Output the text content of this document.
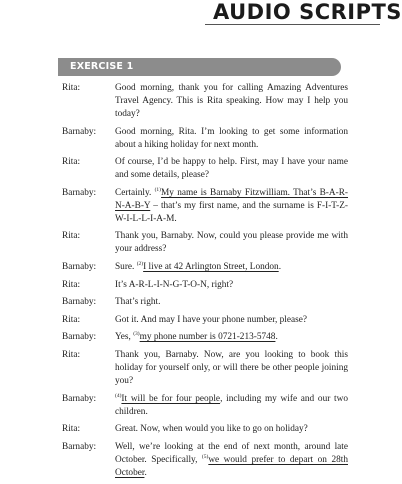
AUDIO SCRIPTS
EXERCISE 1
Rita:	Good morning, thank you for calling Amazing Adventures Travel Agency. This is Rita speaking. How may I help you today?
Barnaby:	Good morning, Rita. I’m looking to get some information about a hiking holiday for next month.
Rita:	Of course, I’d be happy to help. First, may I have your name and some details, please?
Barnaby:	Certainly. $^{(1)}$My name is Barnaby Fitzwilliam. That’s B-A-R-N-A-B-Y – that’s my first name, and the surname is F-I-T-Z-W-I-L-L-I-A-M.
Rita:	Thank you, Barnaby. Now, could you please provide me with your address?
Barnaby:	Sure. $^{(2)}$I live at 42 Arlington Street, London.
Rita:	It’s A-R-L-I-N-G-T-O-N, right?
Barnaby:	That’s right.
Rita:	Got it. And may I have your phone number, please?
Barnaby:	Yes, $^{(3)}$my phone number is 0721-213-5748.
Rita:	Thank you, Barnaby. Now, are you looking to book this holiday for yourself only, or will there be other people joining you?
Barnaby:	$^{(4)}$It will be for four people, including my wife and our two children.
Rita:	Great. Now, when would you like to go on holiday?
Barnaby:	Well, we’re looking at the end of next month, around late October. Specifically, $^{(5)}$we would prefer to depart on 28th October.
